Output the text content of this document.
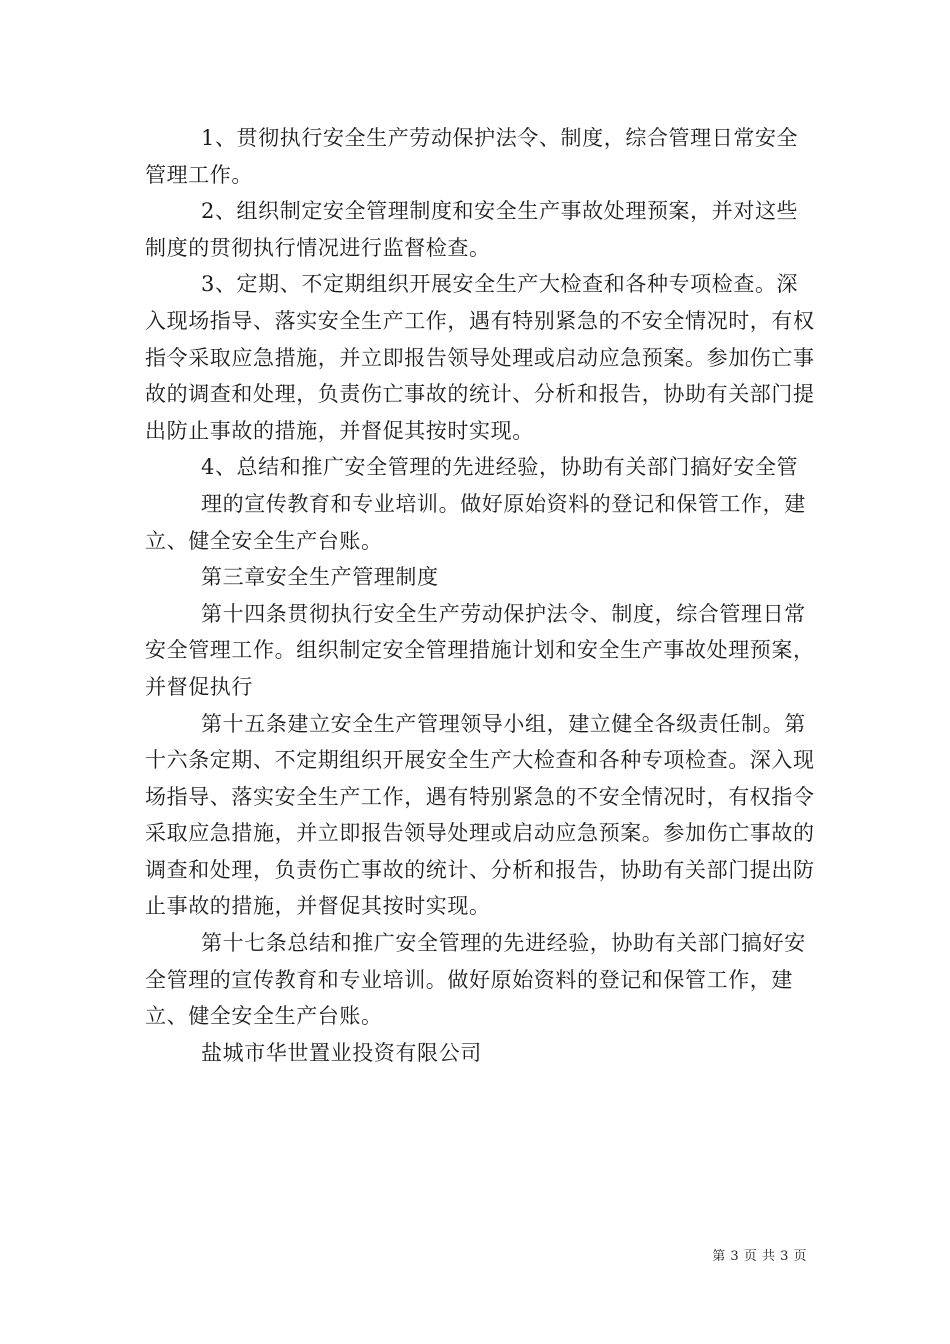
1、贯彻执行安全生产劳动保护法令、制度，综合管理日常安全管理工作。

2、组织制定安全管理制度和安全生产事故处理预案，并对这些制度的贯彻执行情况进行监督检查。

3、定期、不定期组织开展安全生产大检查和各种专项检查。深入现场指导、落实安全生产工作，遇有特别紧急的不安全情况时，有权指令采取应急措施，并立即报告领导处理或启动应急预案。参加伤亡事故的调查和处理，负责伤亡事故的统计、分析和报告，协助有关部门提出防止事故的措施，并督促其按时实现。

4、总结和推广安全管理的先进经验，协助有关部门搞好安全管

理的宣传教育和专业培训。做好原始资料的登记和保管工作，建立、健全安全生产台账。

第三章安全生产管理制度

第十四条贯彻执行安全生产劳动保护法令、制度，综合管理日常安全管理工作。组织制定安全管理措施计划和安全生产事故处理预案，并督促执行

第十五条建立安全生产管理领导小组，建立健全各级责任制。第十六条定期、不定期组织开展安全生产大检查和各种专项检查。深入现场指导、落实安全生产工作，遇有特别紧急的不安全情况时，有权指令采取应急措施，并立即报告领导处理或启动应急预案。参加伤亡事故的调查和处理，负责伤亡事故的统计、分析和报告，协助有关部门提出防止事故的措施，并督促其按时实现。

第十七条总结和推广安全管理的先进经验，协助有关部门搞好安全管理的宣传教育和专业培训。做好原始资料的登记和保管工作，建立、健全安全生产台账。

盐城市华世置业投资有限公司

第 3 页 共 3 页
